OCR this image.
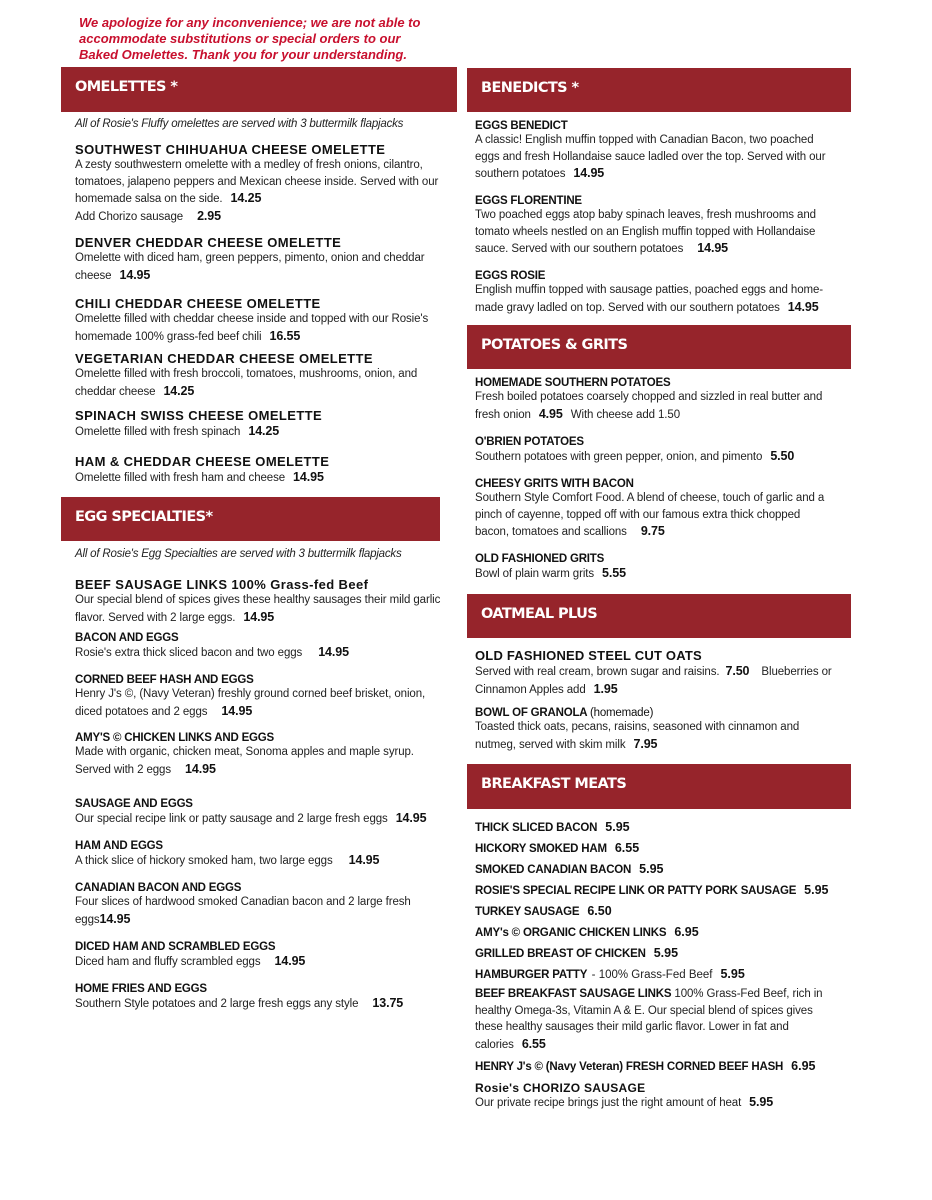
We apologize for any inconvenience; we are not able to accommodate substitutions or special orders to our Baked Omelettes. Thank you for your understanding.
OMELETTES *
All of Rosie's Fluffy omelettes are served with 3 buttermilk flapjacks
SOUTHWEST CHIHUAHUA CHEESE OMELETTE
A zesty southwestern omelette with a medley of fresh onions, cilantro, tomatoes, jalapeno peppers and Mexican cheese inside. Served with our homemade salsa on the side. 14.25
Add Chorizo sausage 2.95
DENVER CHEDDAR CHEESE OMELETTE
Omelette with diced ham, green peppers, pimento, onion and cheddar cheese 14.95
CHILI CHEDDAR CHEESE OMELETTE
Omelette filled with cheddar cheese inside and topped with our Rosie's homemade 100% grass-fed beef chili 16.55
VEGETARIAN CHEDDAR CHEESE OMELETTE
Omelette filled with fresh broccoli, tomatoes, mushrooms, onion, and cheddar cheese 14.25
SPINACH SWISS CHEESE OMELETTE
Omelette filled with fresh spinach 14.25
HAM & CHEDDAR CHEESE OMELETTE
Omelette filled with fresh ham and cheese 14.95
EGG SPECIALTIES*
All of Rosie's Egg Specialties are served with 3 buttermilk flapjacks
BEEF SAUSAGE LINKS 100% Grass-fed Beef
Our special blend of spices gives these healthy sausages their mild garlic flavor. Served with 2 large eggs. 14.95
BACON AND EGGS
Rosie's extra thick sliced bacon and two eggs 14.95
CORNED BEEF HASH AND EGGS
Henry J's ©, (Navy Veteran) freshly ground corned beef brisket, onion, diced potatoes and 2 eggs 14.95
AMY'S © CHICKEN LINKS AND EGGS
Made with organic, chicken meat, Sonoma apples and maple syrup. Served with 2 eggs 14.95
SAUSAGE AND EGGS
Our special recipe link or patty sausage and 2 large fresh eggs 14.95
HAM AND EGGS
A thick slice of hickory smoked ham, two large eggs 14.95
CANADIAN BACON AND EGGS
Four slices of hardwood smoked Canadian bacon and 2 large fresh eggs14.95
DICED HAM AND SCRAMBLED EGGS
Diced ham and fluffy scrambled eggs 14.95
HOME FRIES AND EGGS
Southern Style potatoes and 2 large fresh eggs any style 13.75
BENEDICTS *
EGGS BENEDICT
A classic! English muffin topped with Canadian Bacon, two poached eggs and fresh Hollandaise sauce ladled over the top. Served with our southern potatoes 14.95
EGGS FLORENTINE
Two poached eggs atop baby spinach leaves, fresh mushrooms and tomato wheels nestled on an English muffin topped with Hollandaise sauce. Served with our southern potatoes 14.95
EGGS ROSIE
English muffin topped with sausage patties, poached eggs and home-made gravy ladled on top. Served with our southern potatoes 14.95
POTATOES & GRITS
HOMEMADE SOUTHERN POTATOES
Fresh boiled potatoes coarsely chopped and sizzled in real butter and fresh onion 4.95 With cheese add 1.50
O'BRIEN POTATOES
Southern potatoes with green pepper, onion, and pimento 5.50
CHEESY GRITS WITH BACON
Southern Style Comfort Food. A blend of cheese, touch of garlic and a pinch of cayenne, topped off with our famous extra thick chopped bacon, tomatoes and scallions 9.75
OLD FASHIONED GRITS
Bowl of plain warm grits 5.55
OATMEAL PLUS
OLD FASHIONED STEEL CUT OATS
Served with real cream, brown sugar and raisins. 7.50 Blueberries or Cinnamon Apples add 1.95
BOWL OF GRANOLA (homemade)
Toasted thick oats, pecans, raisins, seasoned with cinnamon and nutmeg, served with skim milk 7.95
BREAKFAST MEATS
THICK SLICED BACON 5.95
HICKORY SMOKED HAM 6.55
SMOKED CANADIAN BACON 5.95
ROSIE'S SPECIAL RECIPE LINK OR PATTY PORK SAUSAGE 5.95
TURKEY SAUSAGE 6.50
AMY's © ORGANIC CHICKEN LINKS 6.95
GRILLED BREAST OF CHICKEN 5.95
HAMBURGER PATTY - 100% Grass-Fed Beef 5.95
BEEF BREAKFAST SAUSAGE LINKS 100% Grass-Fed Beef, rich in healthy Omega-3s, Vitamin A & E. Our special blend of spices gives these healthy sausages their mild garlic flavor. Lower in fat and calories 6.55
HENRY J's © (Navy Veteran) FRESH CORNED BEEF HASH 6.95
Rosie's CHORIZO SAUSAGE
Our private recipe brings just the right amount of heat 5.95
